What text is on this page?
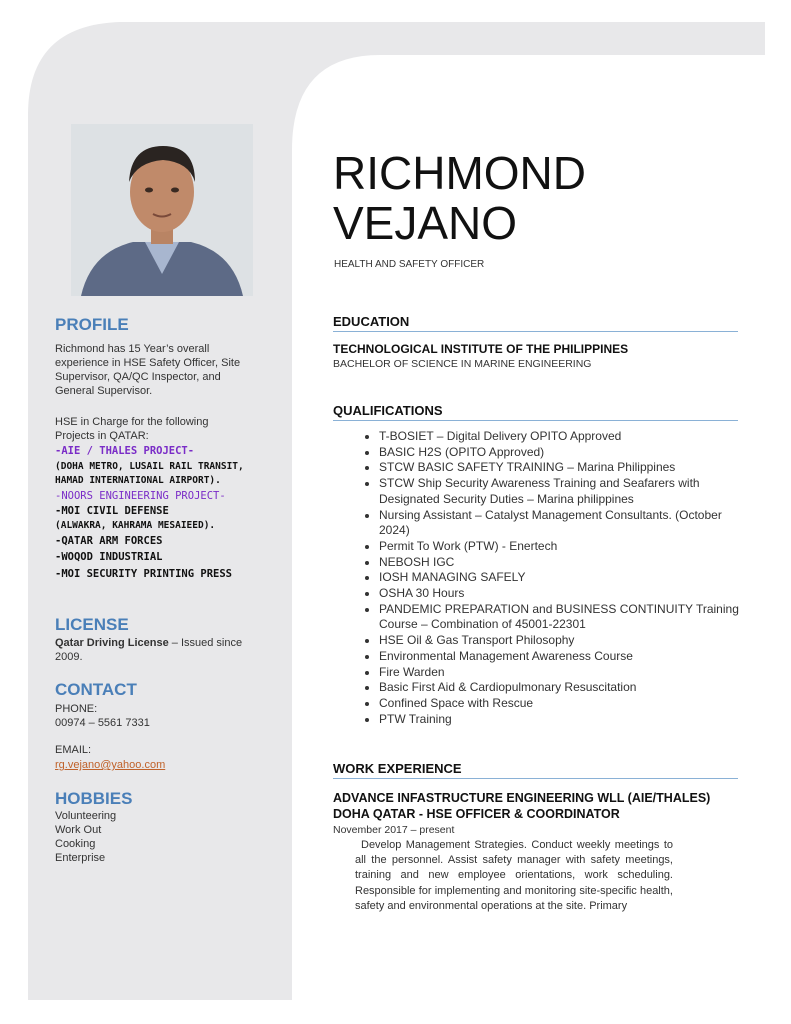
PROFILE
Richmond has 15 Year’s overall
experience in HSE Safety Officer, Site
Supervisor, QA/QC Inspector, and
General Supervisor.
HSE in Charge for the following
Projects in QATAR:
-AIE / THALES PROJECT-
(DOHA METRO, LUSAIL RAIL TRANSIT,
HAMAD INTERNATIONAL AIRPORT).
-NOORS ENGINEERING PROJECT-
-MOI CIVIL DEFENSE
(ALWAKRA, KAHRAMA MESAIEED).
-QATAR ARM FORCES
-WOQOD INDUSTRIAL
-MOI SECURITY PRINTING PRESS
LICENSE
Qatar Driving License – Issued since
2009.
CONTACT
PHONE:
00974 – 5561 7331
EMAIL:
rg.vejano@yahoo.com
HOBBIES
Volunteering
Work Out
Cooking
Enterprise
RICHMOND
VEJANO
HEALTH AND SAFETY OFFICER
EDUCATION
TECHNOLOGICAL INSTITUTE OF THE PHILIPPINES
BACHELOR OF SCIENCE IN MARINE ENGINEERING
QUALIFICATIONS
• T-BOSIET – Digital Delivery OPITO Approved
• BASIC H2S (OPITO Approved)
• STCW BASIC SAFETY TRAINING – Marina Philippines
• STCW Ship Security Awareness Training and Seafarers with Designated Security Duties – Marina philippines
• Nursing Assistant – Catalyst Management Consultants. (October 2024)
• Permit To Work (PTW) - Enertech
• NEBOSH IGC
• IOSH MANAGING SAFELY
• OSHA 30 Hours
• PANDEMIC PREPARATION and BUSINESS CONTINUITY Training Course – Combination of 45001-22301
• HSE Oil & Gas Transport Philosophy
• Environmental Management Awareness Course
• Fire Warden
• Basic First Aid & Cardiopulmonary Resuscitation
• Confined Space with Rescue
• PTW Training
WORK EXPERIENCE
ADVANCE INFASTRUCTURE ENGINEERING WLL (AIE/THALES)
DOHA QATAR - HSE OFFICER & COORDINATOR
November 2017 – present

Develop Management Strategies. Conduct weekly meetings to all the personnel. Assist safety manager with safety meetings, training and new employee orientations, work scheduling. Responsible for implementing and monitoring site-specific health, safety and environmental operations at the site. Primary
